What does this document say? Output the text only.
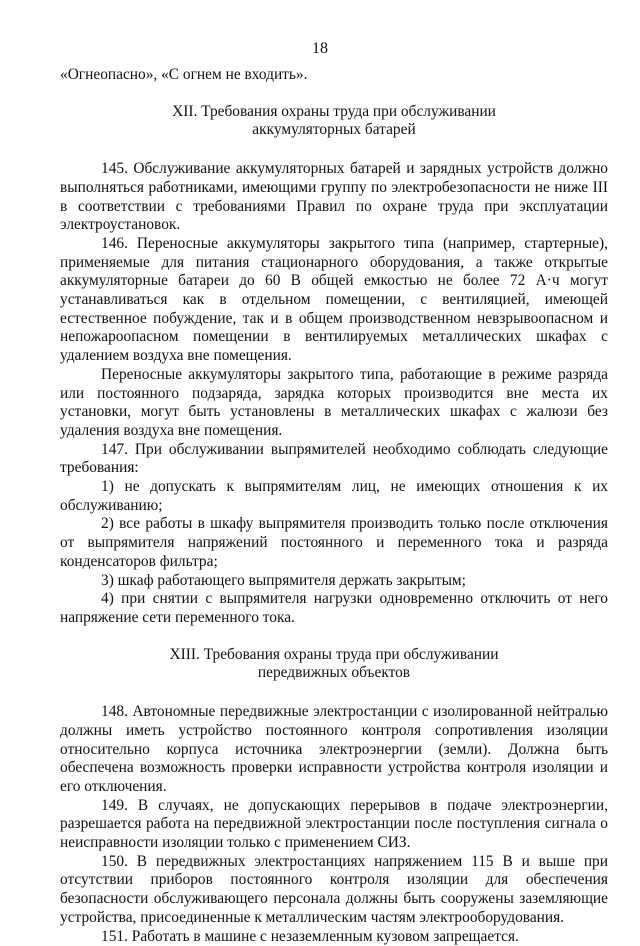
18

«Огнеопасно», «С огнем не входить».

XII. Требования охраны труда при обслуживании
аккумуляторных батарей

145. Обслуживание аккумуляторных батарей и зарядных устройств должно выполняться работниками, имеющими группу по электробезопасности не ниже III в соответствии с требованиями Правил по охране труда при эксплуатации электроустановок.

146. Переносные аккумуляторы закрытого типа (например, стартерные), применяемые для питания стационарного оборудования, а также открытые аккумуляторные батареи до 60 В общей емкостью не более 72 А·ч могут устанавливаться как в отдельном помещении, с вентиляцией, имеющей естественное побуждение, так и в общем производственном невзрывоопасном и непожароопасном помещении в вентилируемых металлических шкафах с удалением воздуха вне помещения.

Переносные аккумуляторы закрытого типа, работающие в режиме разряда или постоянного подзаряда, зарядка которых производится вне места их установки, могут быть установлены в металлических шкафах с жалюзи без удаления воздуха вне помещения.

147. При обслуживании выпрямителей необходимо соблюдать следующие требования:

1) не допускать к выпрямителям лиц, не имеющих отношения к их обслуживанию;

2) все работы в шкафу выпрямителя производить только после отключения от выпрямителя напряжений постоянного и переменного тока и разряда конденсаторов фильтра;

3) шкаф работающего выпрямителя держать закрытым;

4) при снятии с выпрямителя нагрузки одновременно отключить от него напряжение сети переменного тока.

XIII. Требования охраны труда при обслуживании
передвижных объектов

148. Автономные передвижные электростанции с изолированной нейтралью должны иметь устройство постоянного контроля сопротивления изоляции относительно корпуса источника электроэнергии (земли). Должна быть обеспечена возможность проверки исправности устройства контроля изоляции и его отключения.

149. В случаях, не допускающих перерывов в подаче электроэнергии, разрешается работа на передвижной электростанции после поступления сигнала о неисправности изоляции только с применением СИЗ.

150. В передвижных электростанциях напряжением 115 В и выше при отсутствии приборов постоянного контроля изоляции для обеспечения безопасности обслуживающего персонала должны быть сооружены заземляющие устройства, присоединенные к металлическим частям электрооборудования.

151. Работать в машине с незаземленным кузовом запрещается.
